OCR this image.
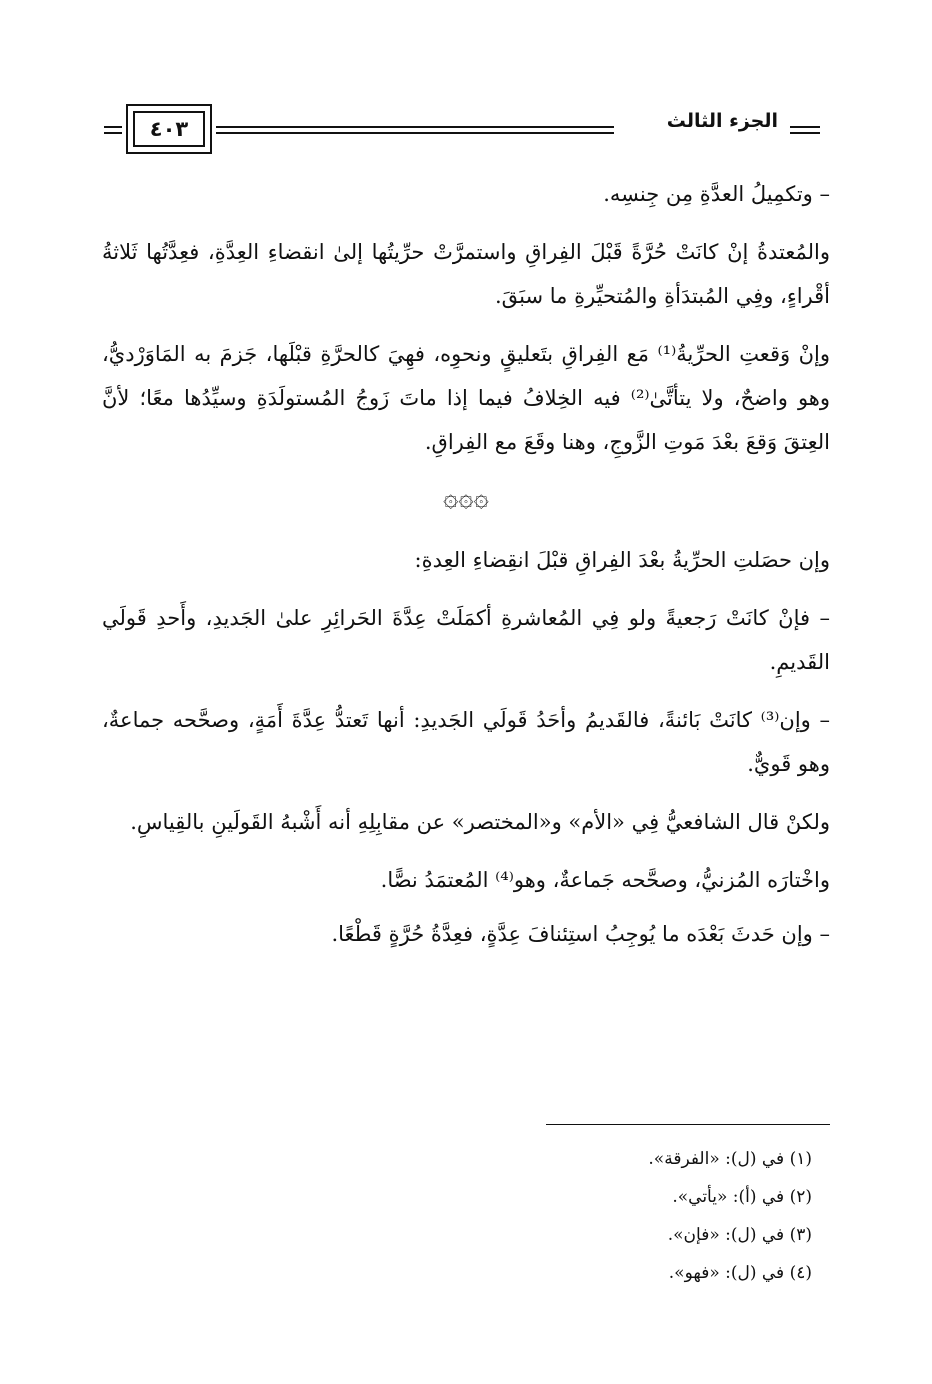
الجزء الثالث
٤٠٣

– وتكمِيلُ العدَّةِ مِن جِنسِه.

والمُعتدةُ إنْ كانَتْ حُرَّةً قَبْلَ الفِراقِ واستمرَّتْ حرِّيتُها إلىٰ انقضاءِ العِدَّةِ، فعِدَّتُها ثَلاثةُ أقْراءٍ، وفِي المُبتدَأةِ والمُتحيِّرةِ ما سبَقَ.

وإنْ وَقعتِ الحرِّيةُ⁽¹⁾ مَع الفِراقِ بتَعليقٍ ونحوِه، فهِيَ كالحرَّةِ قبْلَها، جَزمَ به المَاوَرْديُّ، وهو واضحٌ، ولا يتأتَّىٰ⁽²⁾ فيه الخِلافُ فيما إذا ماتَ زَوجُ المُستولَدَةِ وسيِّدُها معًا؛ لأنَّ العِتقَ وَقعَ بعْدَ مَوتِ الزَّوجِ، وهنا وقَعَ مع الفِراقِ.

۞۞۞

وإن حصَلتِ الحرِّيةُ بعْدَ الفِراقِ قبْلَ انقِضاءِ العِدةِ:

– فإنْ كانَتْ رَجعيةً ولو فِي المُعاشرةِ أكمَلَتْ عِدَّةَ الحَرائِرِ علىٰ الجَديدِ، وأَحدِ قَولَي القَديمِ.

– وإن⁽³⁾ كانَتْ بَائنةً، فالقَديمُ وأحَدُ قَولَي الجَديدِ: أنها تَعتدُّ عِدَّةَ أَمَةٍ، وصحَّحه جماعةٌ، وهو قَويٌّ.

ولكنْ قال الشافعيُّ فِي «الأم» و«المختصر» عن مقابِلِهِ أنه أَشْبهُ القَولَينِ بالقِياسِ.

واخْتارَه المُزنيُّ، وصحَّحه جَماعةٌ، وهو⁽⁴⁾ المُعتمَدُ نصًّا.

– وإن حَدثَ بَعْدَه ما يُوجِبُ استِئنافَ عِدَّةٍ، فعِدَّةُ حُرَّةٍ قَطْعًا.

(١) في (ل): «الفرقة».
(٢) في (أ): «يأتي».
(٣) في (ل): «فإن».
(٤) في (ل): «فهو».
